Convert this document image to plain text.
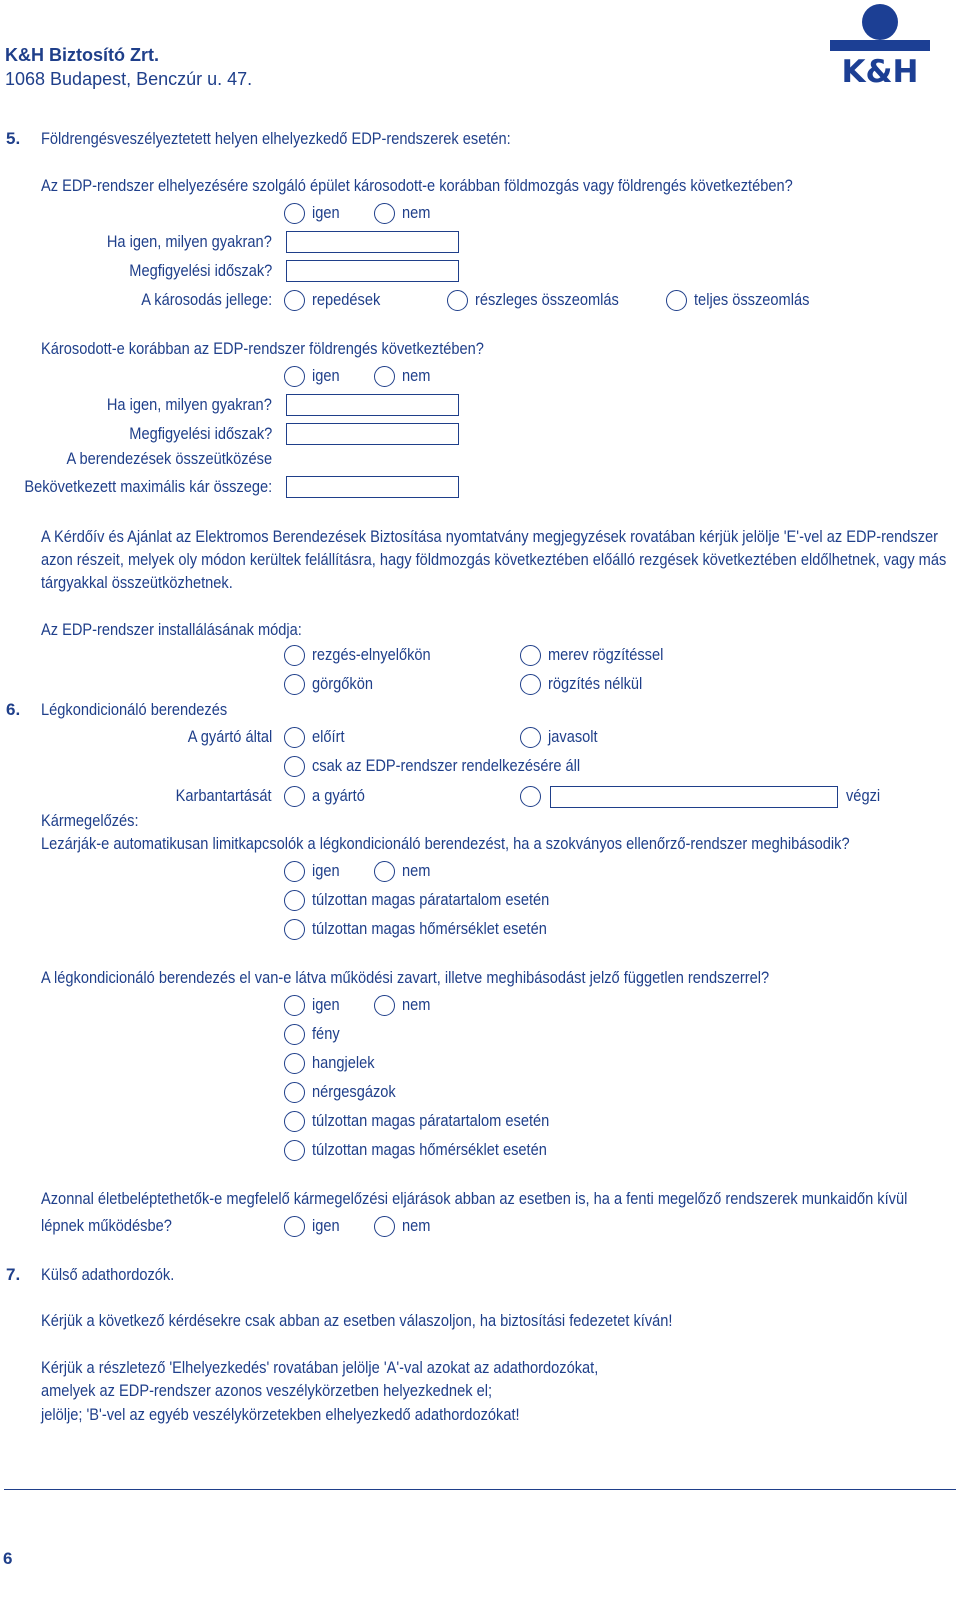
K&H Biztosító Zrt.
1068 Budapest, Benczúr u. 47.	K&H
5. Földrengésveszélyeztetett helyen elhelyezkedő EDP-rendszerek esetén:
Az EDP-rendszer elhelyezésére szolgáló épület károsodott-e korábban földmozgás vagy földrengés következtében?
igen	nem
Ha igen, milyen gyakran?
Megfigyelési időszak?
A károsodás jellege: repedések	részleges összeomlás	teljes összeomlás
Károsodott-e korábban az EDP-rendszer földrengés következtében?
igen	nem
Ha igen, milyen gyakran?
Megfigyelési időszak?
A berendezések összeütközése
Bekövetkezett maximális kár összege:
A Kérdőív és Ajánlat az Elektromos Berendezések Biztosítása nyomtatvány megjegyzések rovatában kérjük jelölje 'E'-vel az EDP-rendszer azon részeit, melyek oly módon kerültek felállításra, hagy földmozgás következtében előálló rezgések következtében eldőlhetnek, vagy más tárgyakkal összeütközhetnek.
Az EDP-rendszer installálásának módja:
rezgés-elnyelőkön	merev rögzítéssel
görgőkön	rögzítés nélkül
6. Légkondicionáló berendezés
A gyártó által előírt	javasolt
csak az EDP-rendszer rendelkezésére áll
Karbantartását a gyártó	végzi
Kármegelőzés:
Lezárják-e automatikusan limitkapcsolók a légkondicionáló berendezést, ha a szokványos ellenőrző-rendszer meghibásodik?
igen	nem
túlzottan magas páratartalom esetén
túlzottan magas hőmérséklet esetén
A légkondicionáló berendezés el van-e látva működési zavart, illetve meghibásodást jelző független rendszerrel?
igen	nem
fény
hangjelek
nérgesgázok
túlzottan magas páratartalom esetén
túlzottan magas hőmérséklet esetén
Azonnal életbeléptethetők-e megfelelő kármegelőzési eljárások abban az esetben is, ha a fenti megelőző rendszerek munkaidőn kívül
lépnek működésbe?	igen	nem
7. Külső adathordozók.
Kérjük a következő kérdésekre csak abban az esetben válaszoljon, ha biztosítási fedezetet kíván!
Kérjük a részletező 'Elhelyezkedés' rovatában jelölje 'A'-val azokat az adathordozókat,
amelyek az EDP-rendszer azonos veszélykörzetben helyezkednek el;
jelölje; 'B'-vel az egyéb veszélykörzetekben elhelyezkedő adathordozókat!
6
